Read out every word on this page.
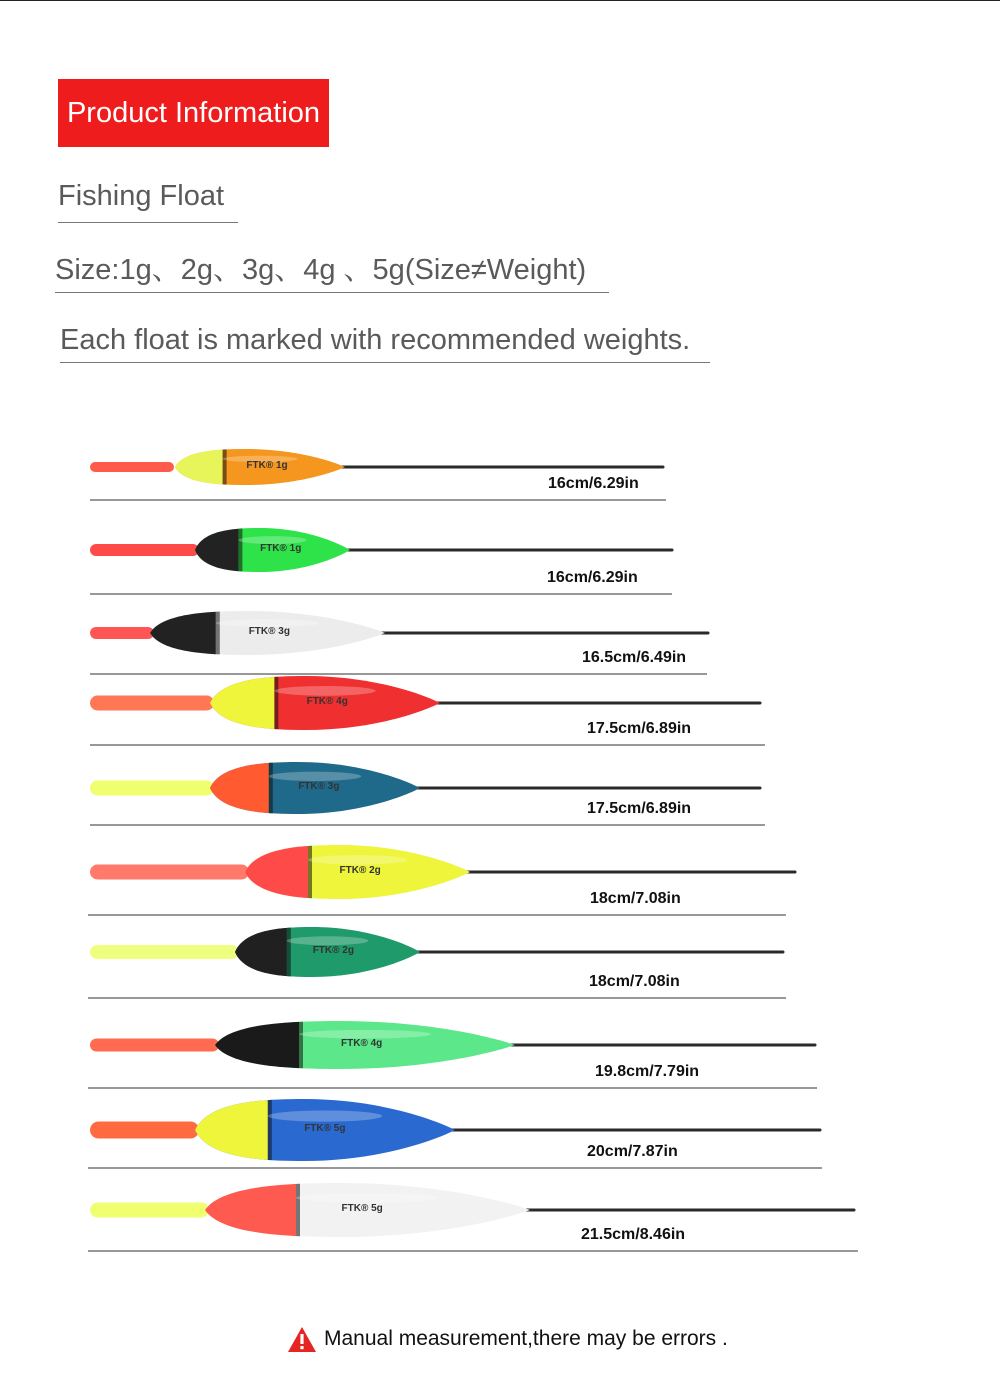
Product Information
Fishing Float
Size:1g、2g、3g、4g 、5g(Size≠Weight)
Each float is marked with recommended weights.
FTK® 1g
FTK® 1g
FTK® 3g
FTK® 4g
FTK® 3g
FTK® 2g
FTK® 2g
FTK® 4g
FTK® 5g
FTK® 5g
16cm/6.29in
16cm/6.29in
16.5cm/6.49in
17.5cm/6.89in
17.5cm/6.89in
18cm/7.08in
18cm/7.08in
19.8cm/7.79in
20cm/7.87in
21.5cm/8.46in
Manual measurement,there may be errors .
